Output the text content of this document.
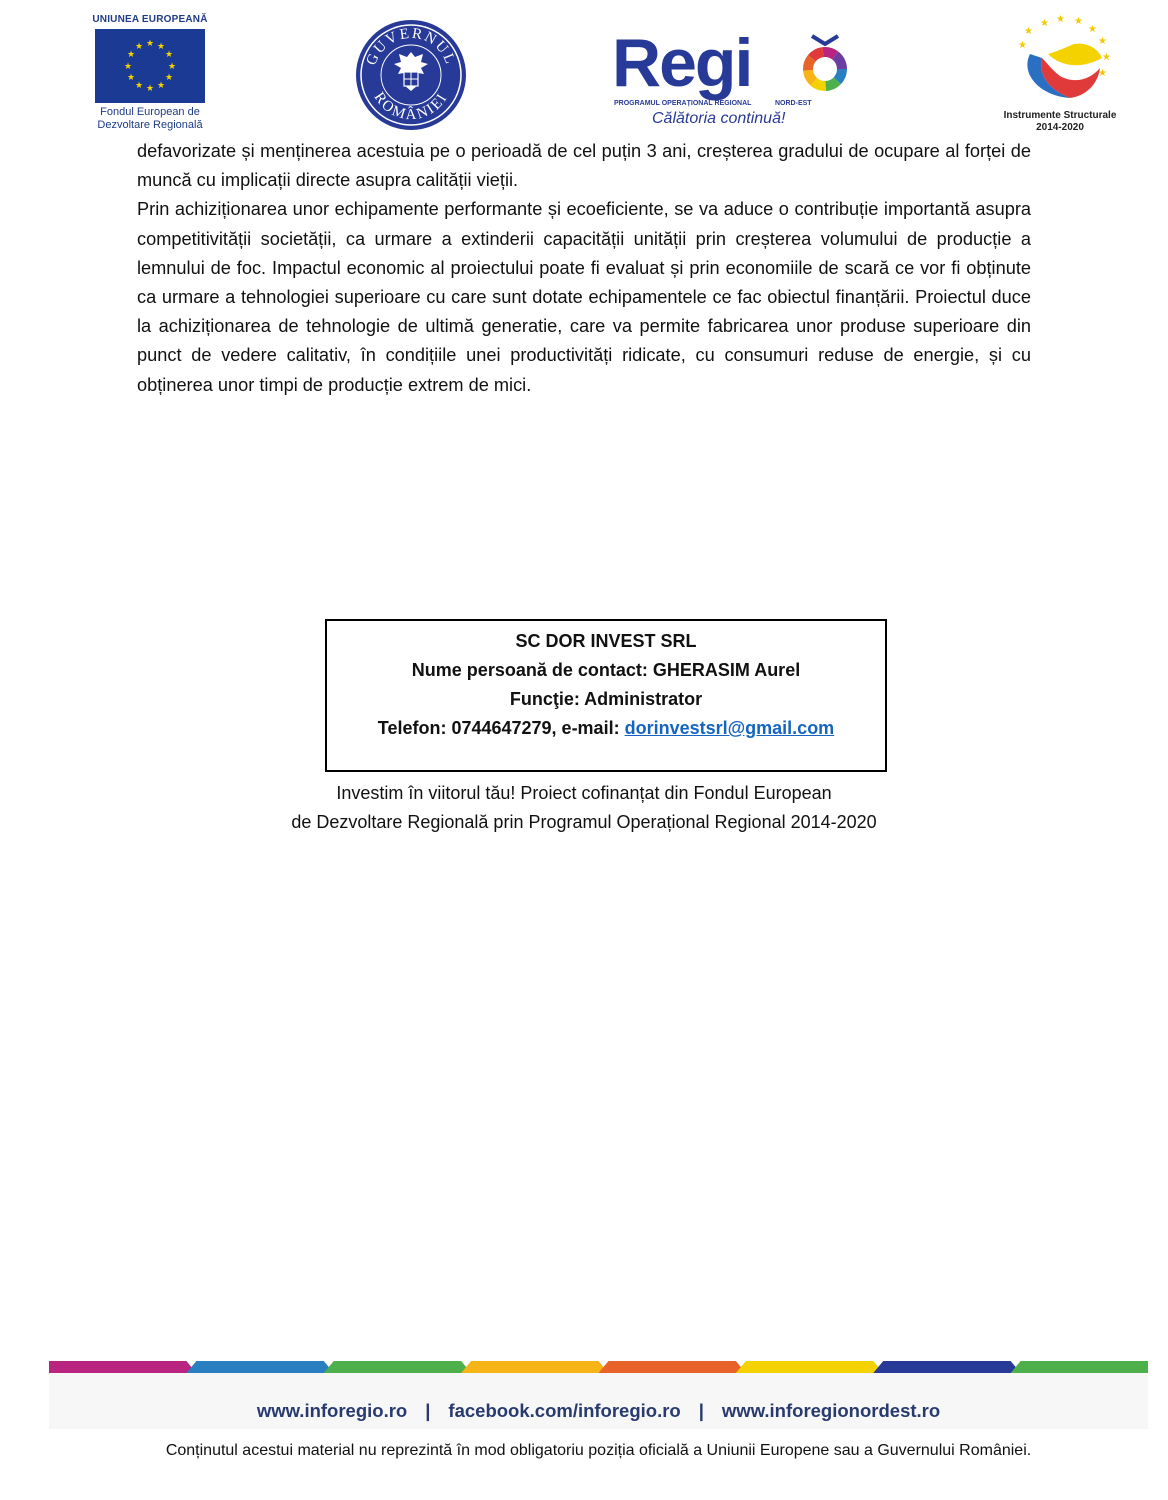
UNIUNEA EUROPEANĂ
★ ★
★
★
★
★
★
★
★
★
★
★
Fondul European de
Dezvoltare Regională
GUVERNUL
ROMÂNIEI Regi
PROGRAMUL OPERAȚIONAL REGIONAL	NORD-EST
Călătoria continuă!
★
★
★ ★ ★
★
★
★
★
Instrumente Structurale
2014-2020

defavorizate și menținerea acestuia pe o perioadă de cel puțin 3 ani, creșterea gradului de ocupare al forței de muncă cu implicații directe asupra calității vieții.

Prin achiziționarea unor echipamente performante și ecoeficiente, se va aduce o contribuție importantă asupra competitivității societății, ca urmare a extinderii capacității unității prin creșterea volumului de producție a lemnului de foc. Impactul economic al proiectului poate fi evaluat și prin economiile de scară ce vor fi obținute ca urmare a tehnologiei superioare cu care sunt dotate echipamentele ce fac obiectul finanțării. Proiectul duce la achiziționarea de tehnologie de ultimă generatie, care va permite fabricarea unor produse superioare din punct de vedere calitativ, în condițiile unei productivități ridicate, cu consumuri reduse de energie, și cu obținerea unor timpi de producție extrem de mici.

SC DOR INVEST SRL
Nume persoană de contact: GHERASIM Aurel
Funcţie: Administrator
Telefon: 0744647279, e-mail: dorinvestsrl@gmail.com
Investim în viitorul tău! Proiect cofinanțat din Fondul European
de Dezvoltare Regională prin Programul Operațional Regional 2014-2020
www.inforegio.ro | facebook.com/inforegio.ro | www.inforegionordest.ro
Conținutul acestui material nu reprezintă în mod obligatoriu poziția oficială a Uniunii Europene sau a Guvernului României.
